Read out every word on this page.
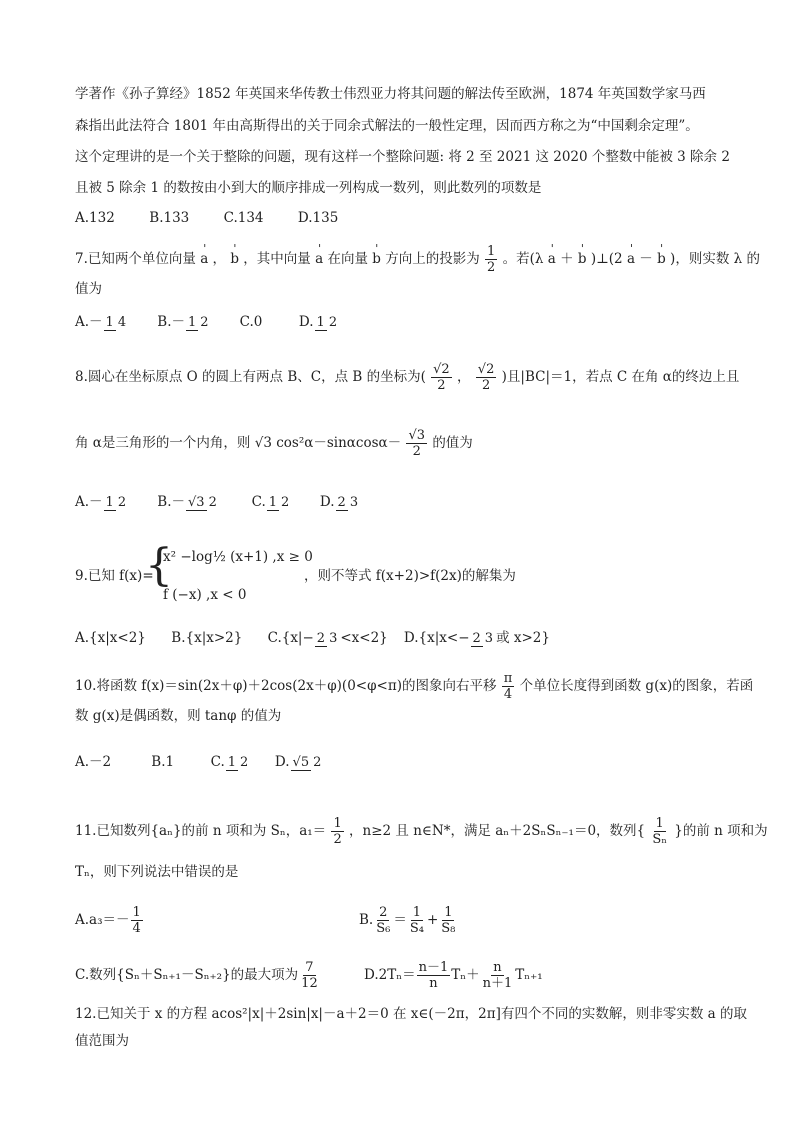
学著作《孙子算经》1852 年英国来华传教士伟烈亚力将其问题的解法传至欧洲，1874 年英国数学家马西
森指出此法符合 1801 年由高斯得出的关于同余式解法的一般性定理，因而西方称之为“中国剩余定理”。
这个定理讲的是一个关于整除的问题，现有这样一个整除问题: 将 2 至 2021 这 2020 个整数中能被 3 除余 2
且被 5 除余 1 的数按由小到大的顺序排成一列构成一数列，则此数列的项数是
A.132	B.133	C.134	D.135
7.已知两个单位向量 ' a ， ' b ，其中向量 ' a 在向量 ' b 方向上的投影为 $\frac{1}{2}$ 。若(λ ' a ＋ ' b )⊥(2 ' a － ' b )，则实数 λ 的
值为
A.－ 1 4 B.－ 1 2 C.0	D. 1 2
8.圆心在坐标原点 O 的圆上有两点 B、C，点 B 的坐标为( $\frac{√2}{2}$ ， $\frac{√2}{2}$ )且|BC|＝1，若点 C 在角 α的终边上且
角 α是三角形的一个内角，则 √3 $\cos^2\alpha-\sin\alpha\cos\alpha- \frac{√3}{2}$ 的值为
A.－ 1 2 B.－ √3 2	C. 1 2 D. 2 3
9.已知 f(x)=
{
x² −log½ (x+1) ,x ≥ 0
f (−x) ,x < 0
，则不等式 f(x+2)>f(2x)的解集为
A.{x|x<2} B.{x|x>2} C.{x|− 2 3 <x<2} D.{x|x<− 2 3 或 x>2}
10.将函数 f(x)＝sin(2x＋φ)＋2cos(2x＋φ)(0<φ<π)的图象向右平移 $\frac{\pi}{4}$ 个单位长度得到函数 g(x)的图象，若函
数 g(x)是偶函数，则 tanφ 的值为
A.－2	B.1	C. 1 2 D. √5 2
11.已知数列{aₙ}的前 n 项和为 Sₙ，$a_1= \frac{1}{2}$ ，n≥2 且 n∈N*，满足 aₙ＋2SₙSₙ₋₁＝0，数列{ $\frac{1}{\text{Sₙ}}$ }的前 n 项和为
Tₙ，则下列说法中错误的是
$A.a_3=- \frac{1}{4}$	B. $\frac{2}{\text{S₆}} = \frac{1}{\text{S₄}} + \frac{1}{\text{S₈}}$
C.数列{Sₙ＋Sₙ₊₁－Sₙ₊₂}的最大项为 $\frac{7}{12}$	$D.2T_n= \frac{n-1}{n} T_n+ \frac{n}{n+1} T_{n+1}$
12.已知关于 x 的方程 acos²|x|＋2sin|x|－a＋2＝0 在 x∈(－2π，2π]有四个不同的实数解，则非零实数 a 的取
值范围为
